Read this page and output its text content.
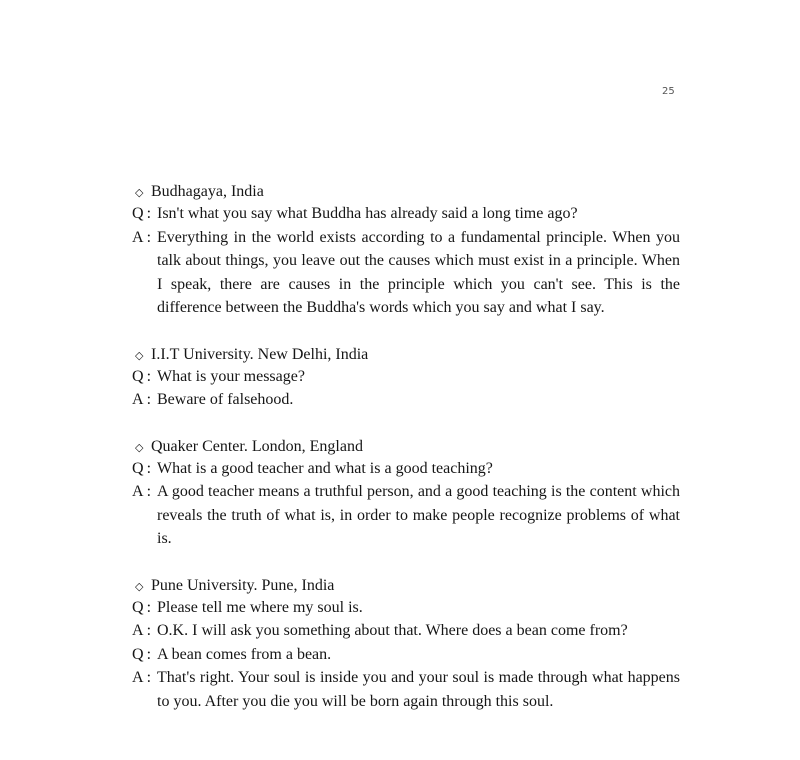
25
◇ Budhagaya, India
Q : Isn't what you say what Buddha has already said a long time ago?
A : Everything in the world exists according to a fundamental principle. When you talk about things, you leave out the causes which must exist in a principle. When I speak, there are causes in the principle which you can't see. This is the difference between the Buddha's words which you say and what I say.
◇ I.I.T University. New Delhi, India
Q : What is your message?
A : Beware of falsehood.
◇ Quaker Center. London, England
Q : What is a good teacher and what is a good teaching?
A : A good teacher means a truthful person, and a good teaching is the content which reveals the truth of what is, in order to make people recognize problems of what is.
◇ Pune University. Pune, India
Q : Please tell me where my soul is.
A : O.K. I will ask you something about that. Where does a bean come from?
Q : A bean comes from a bean.
A : That's right. Your soul is inside you and your soul is made through what happens to you. After you die you will be born again through this soul.
